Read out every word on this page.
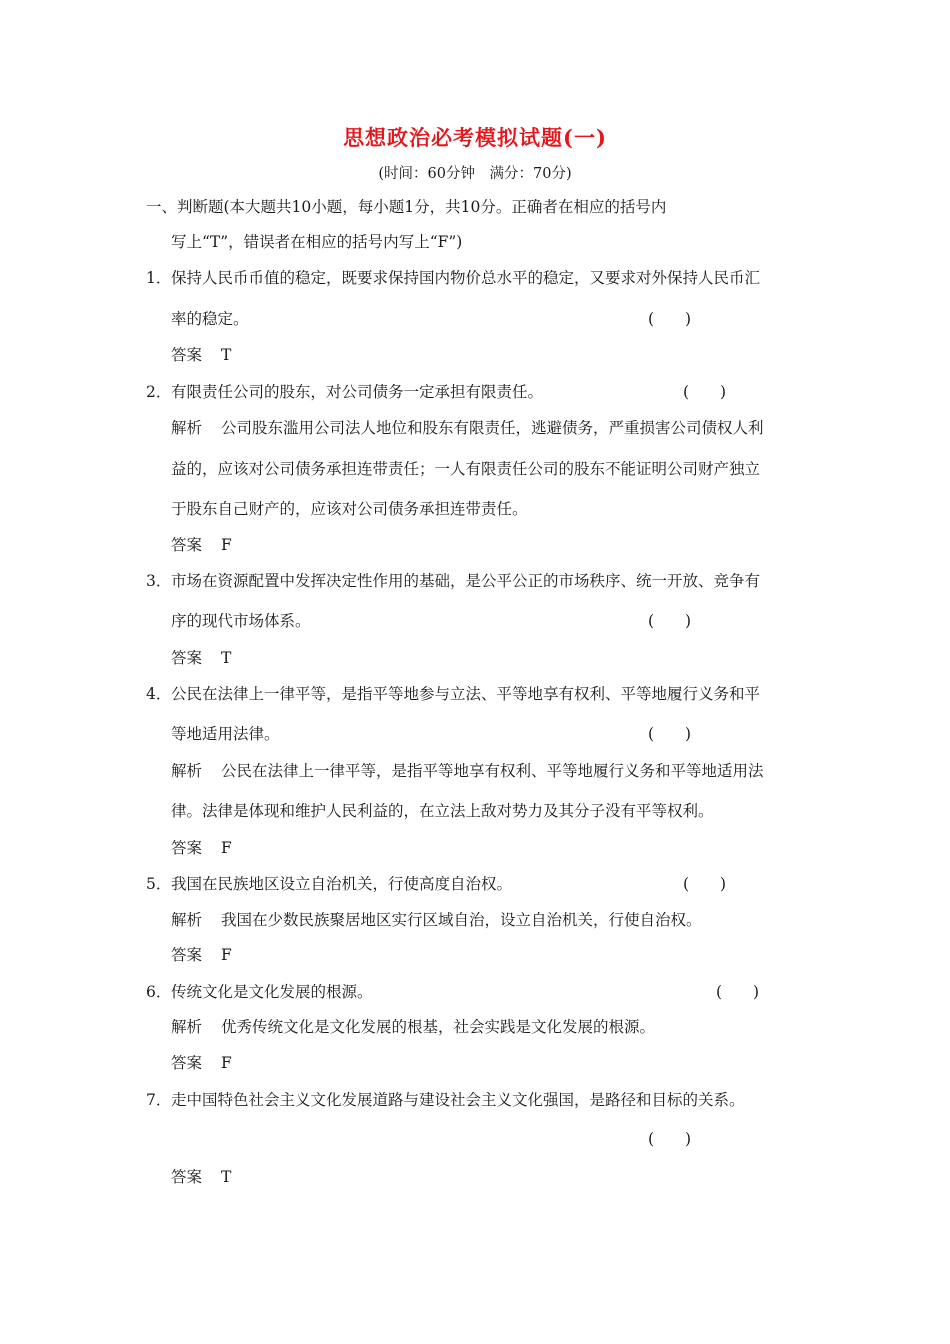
思想政治必考模拟试题(一)
(时间：60分钟　满分：70分)
一、判断题(本大题共10小题，每小题1分，共10分。正确者在相应的括号内
写上“T”，错误者在相应的括号内写上“F”)
1． 保持人民币币值的稳定，既要求保持国内物价总水平的稳定，又要求对外保持人民币汇
率的稳定。	(　　)
答案 T
2． 有限责任公司的股东，对公司债务一定承担有限责任。	(　　)
解析 公司股东滥用公司法人地位和股东有限责任，逃避债务，严重损害公司债权人利
益的，应该对公司债务承担连带责任；一人有限责任公司的股东不能证明公司财产独立
于股东自己财产的，应该对公司债务承担连带责任。
答案 F
3． 市场在资源配置中发挥决定性作用的基础，是公平公正的市场秩序、统一开放、竞争有
序的现代市场体系。	(　　)
答案 T
4． 公民在法律上一律平等，是指平等地参与立法、平等地享有权利、平等地履行义务和平
等地适用法律。	(　　)
解析 公民在法律上一律平等，是指平等地享有权利、平等地履行义务和平等地适用法
律。法律是体现和维护人民利益的，在立法上敌对势力及其分子没有平等权利。
答案 F
5． 我国在民族地区设立自治机关，行使高度自治权。	(　　)
解析 我国在少数民族聚居地区实行区域自治，设立自治机关，行使自治权。
答案 F
6． 传统文化是文化发展的根源。	(　　)
解析 优秀传统文化是文化发展的根基，社会实践是文化发展的根源。
答案 F
7． 走中国特色社会主义文化发展道路与建设社会主义文化强国，是路径和目标的关系。
(　　)
答案 T
